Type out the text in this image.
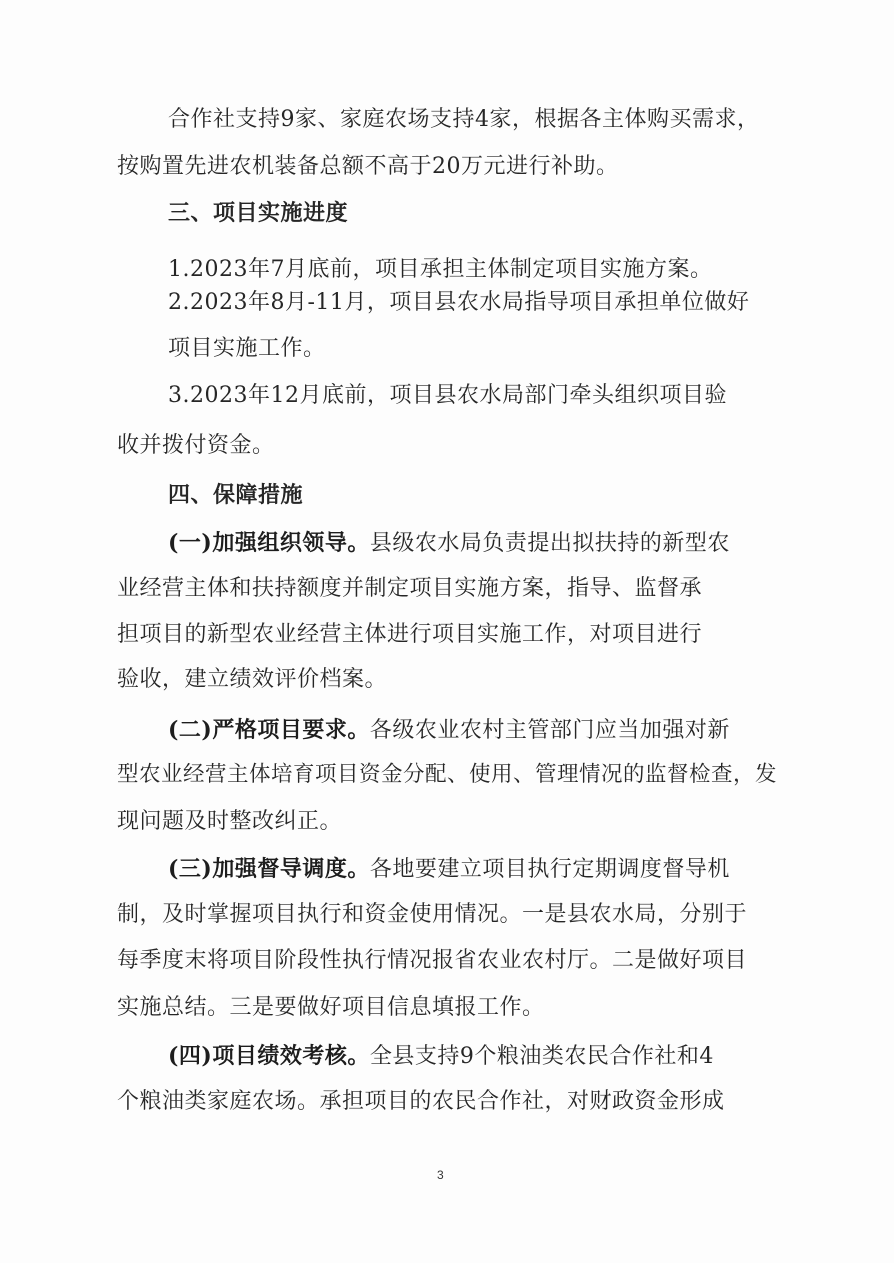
合作社支持9家、家庭农场支持4家，根据各主体购买需求，
按购置先进农机装备总额不高于20万元进行补助。
三、项目实施进度
1.2023年7月底前，项目承担主体制定项目实施方案。
2.2023年8月-11月，项目县农水局指导项目承担单位做好
项目实施工作。
3.2023年12月底前，项目县农水局部门牵头组织项目验
收并拨付资金。
四、保障措施
(一)加强组织领导。县级农水局负责提出拟扶持的新型农
业经营主体和扶持额度并制定项目实施方案，指导、监督承
担项目的新型农业经营主体进行项目实施工作，对项目进行
验收，建立绩效评价档案。
(二)严格项目要求。各级农业农村主管部门应当加强对新
型农业经营主体培育项目资金分配、使用、管理情况的监督检查，发
现问题及时整改纠正。
(三)加强督导调度。各地要建立项目执行定期调度督导机
制，及时掌握项目执行和资金使用情况。一是县农水局，分别于
每季度末将项目阶段性执行情况报省农业农村厅。二是做好项目
实施总结。三是要做好项目信息填报工作。
(四)项目绩效考核。全县支持9个粮油类农民合作社和4
个粮油类家庭农场。承担项目的农民合作社，对财政资金形成
3
